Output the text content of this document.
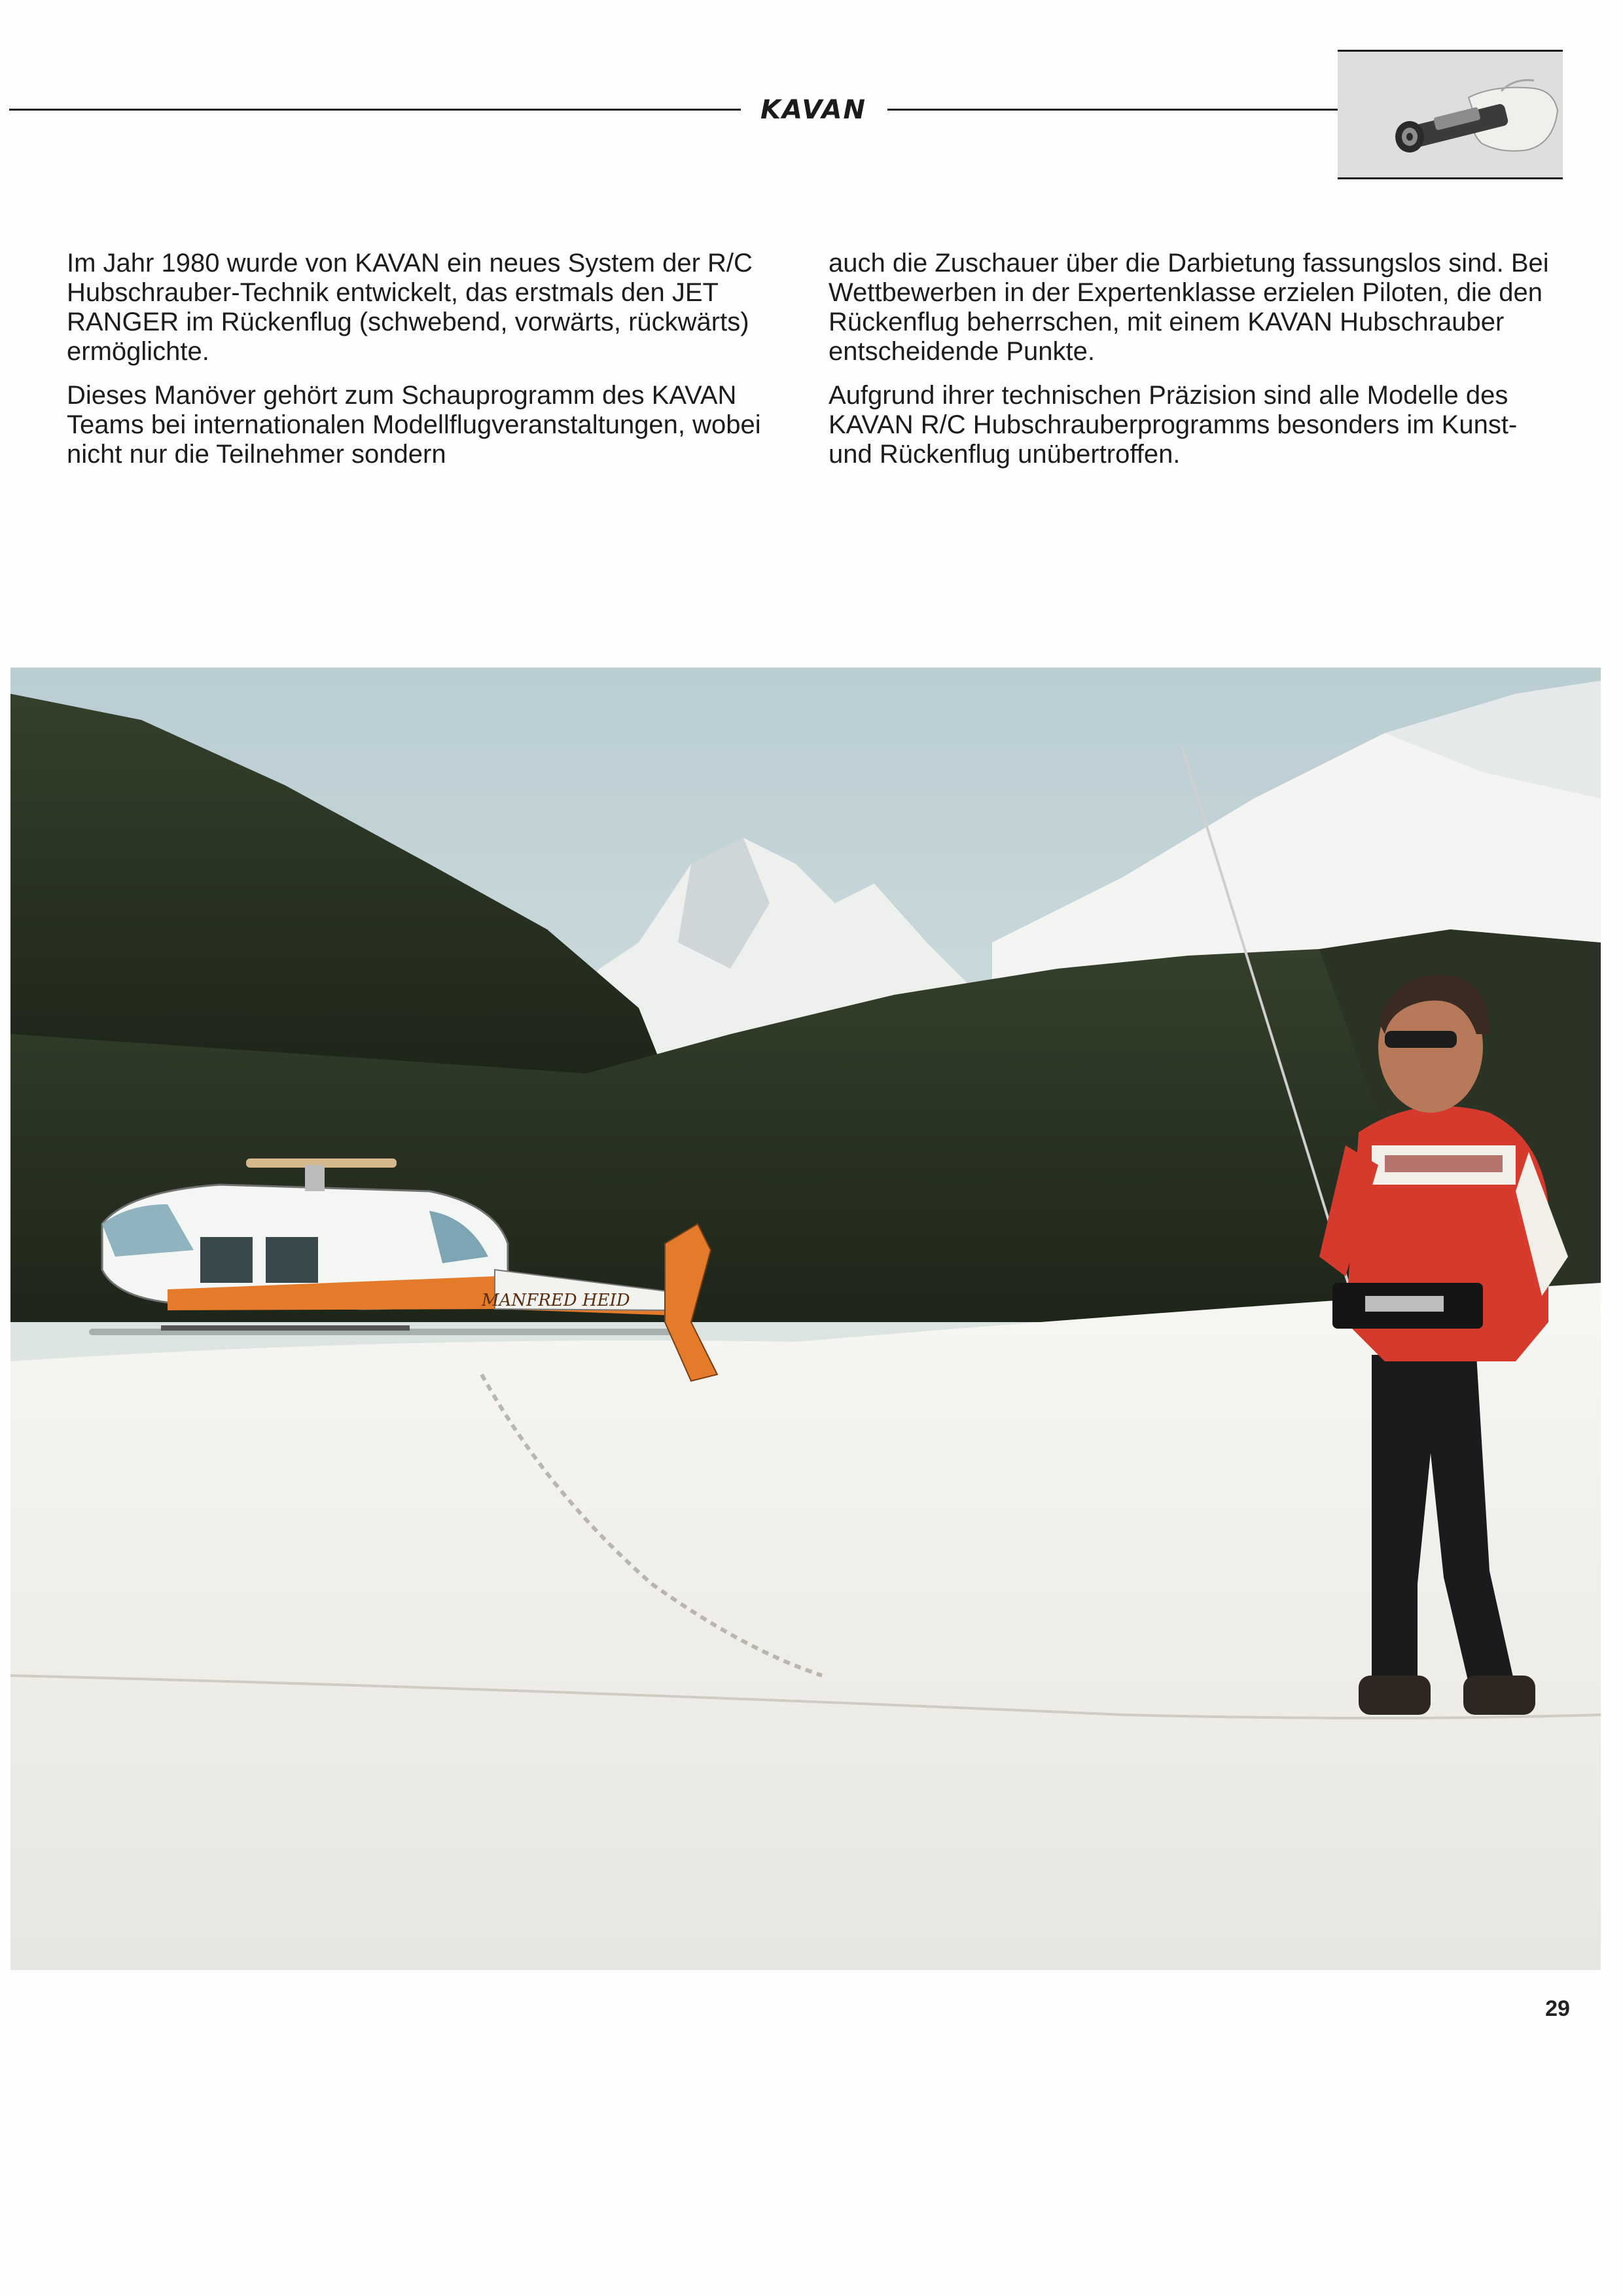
KAVAN

Im Jahr 1980 wurde von KAVAN ein neues System der R/C Hubschrauber-Technik entwickelt, das erstmals den JET RANGER im Rückenflug (schwebend, vorwärts, rückwärts) ermöglichte.

Dieses Manöver gehört zum Schauprogramm des KAVAN Teams bei internationalen Modellflugveranstaltungen, wobei nicht nur die Teilnehmer sondern

auch die Zuschauer über die Darbietung fassungslos sind. Bei Wettbewerben in der Expertenklasse erzielen Piloten, die den Rückenflug beherrschen, mit einem KAVAN Hubschrauber entscheidende Punkte.

Aufgrund ihrer technischen Präzision sind alle Modelle des KAVAN R/C Hubschrauberprogramms besonders im Kunst- und Rückenflug unübertroffen.

MANFRED HEID
29
